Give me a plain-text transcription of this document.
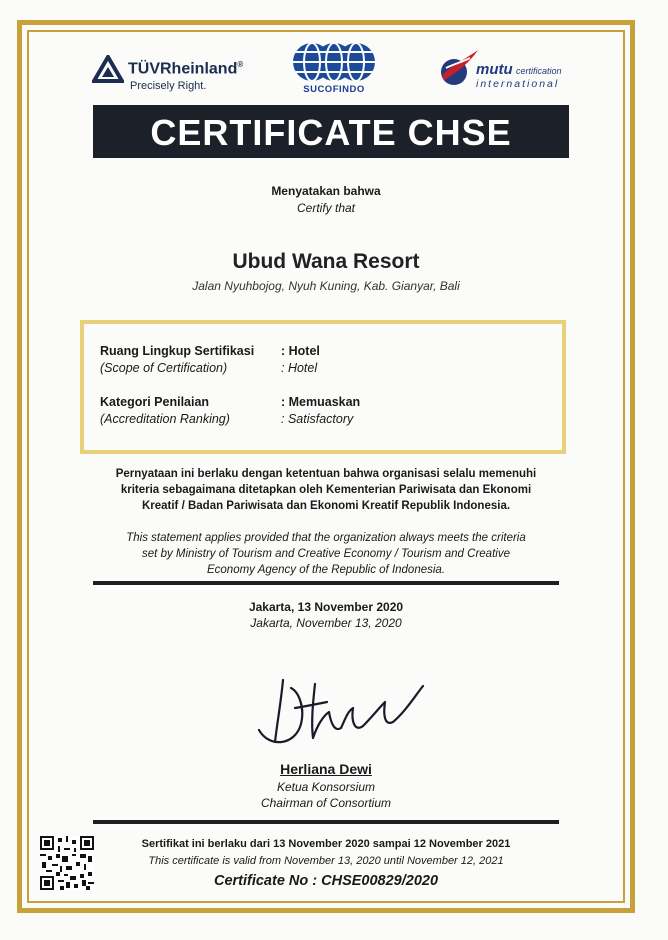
TÜVRheinland®
Precisely Right.	SUCOFINDO
mutu certification
international
CERTIFICATE CHSE
Menyatakan bahwa
Certify that
Ubud Wana Resort
Jalan Nyuhbojog, Nyuh Kuning, Kab. Gianyar, Bali
Ruang Lingkup Sertifikasi
(Scope of Certification)
: Hotel
: Hotel
Kategori Penilaian
(Accreditation Ranking)
: Memuaskan
: Satisfactory
Pernyataan ini berlaku dengan ketentuan bahwa organisasi selalu memenuhi
kriteria sebagaimana ditetapkan oleh Kementerian Pariwisata dan Ekonomi
Kreatif / Badan Pariwisata dan Ekonomi Kreatif Republik Indonesia.
This statement applies provided that the organization always meets the criteria
set by Ministry of Tourism and Creative Economy / Tourism and Creative
Economy Agency of the Republic of Indonesia.
Jakarta, 13 November 2020
Jakarta, November 13, 2020
Herliana Dewi
Ketua Konsorsium
Chairman of Consortium
Sertifikat ini berlaku dari 13 November 2020 sampai 12 November 2021
This certificate is valid from November 13, 2020 until November 12, 2021
Certificate No : CHSE00829/2020
